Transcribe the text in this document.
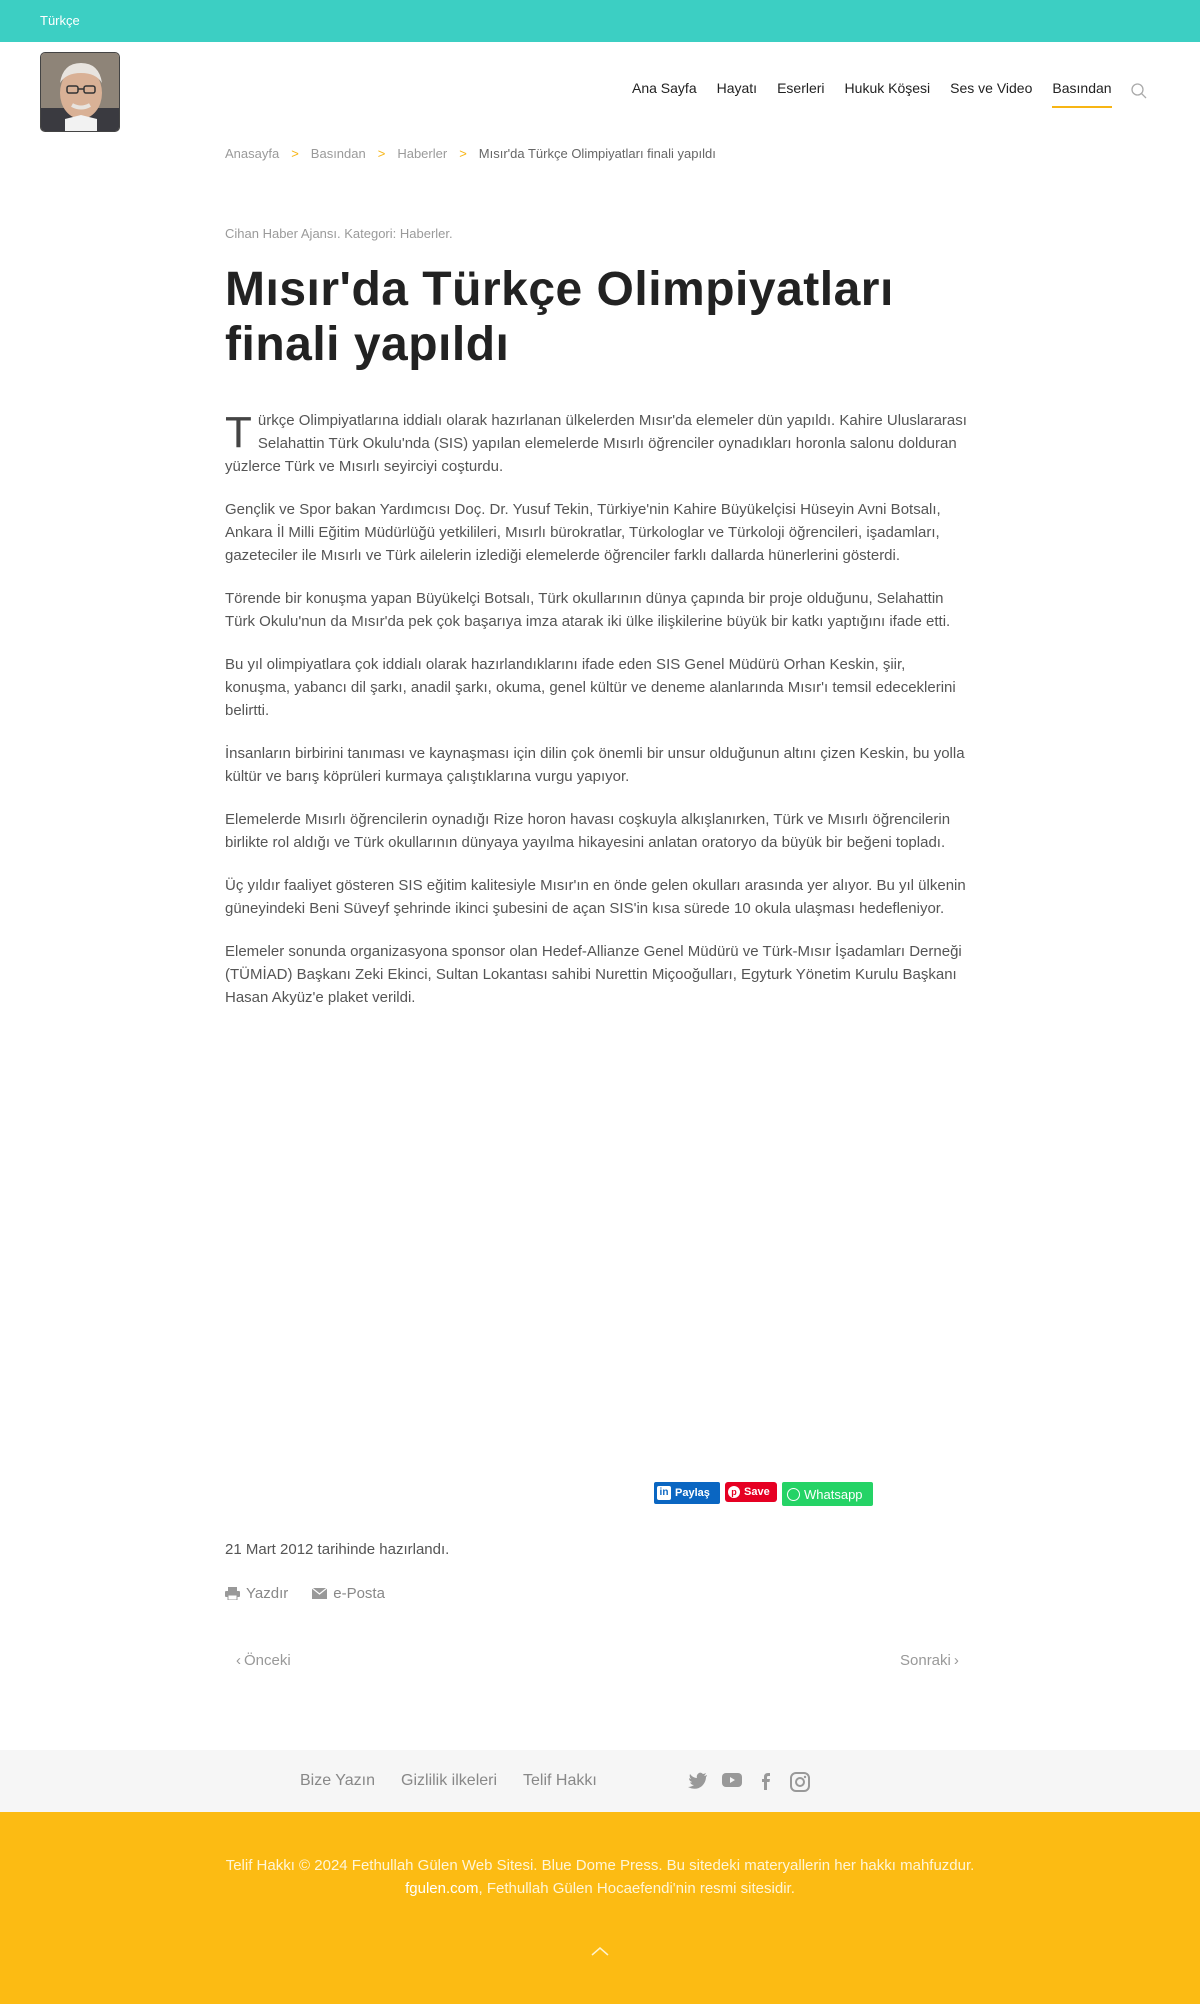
Türkçe
Ana Sayfa Hayatı Eserleri Hukuk Köşesi Ses ve Video Basından
Anasayfa > Basından > Haberler > Mısır'da Türkçe Olimpiyatları finali yapıldı
Cihan Haber Ajansı. Kategori: Haberler.
Mısır'da Türkçe Olimpiyatları finali yapıldı

Türkçe Olimpiyatlarına iddialı olarak hazırlanan ülkelerden Mısır'da elemeler dün yapıldı. Kahire Uluslararası Selahattin Türk Okulu'nda (SIS) yapılan elemelerde Mısırlı öğrenciler oynadıkları horonla salonu dolduran yüzlerce Türk ve Mısırlı seyirciyi coşturdu.

Gençlik ve Spor bakan Yardımcısı Doç. Dr. Yusuf Tekin, Türkiye'nin Kahire Büyükelçisi Hüseyin Avni Botsalı, Ankara İl Milli Eğitim Müdürlüğü yetkilileri, Mısırlı bürokratlar, Türkologlar ve Türkoloji öğrencileri, işadamları, gazeteciler ile Mısırlı ve Türk ailelerin izlediği elemelerde öğrenciler farklı dallarda hünerlerini gösterdi.

Törende bir konuşma yapan Büyükelçi Botsalı, Türk okullarının dünya çapında bir proje olduğunu, Selahattin Türk Okulu'nun da Mısır'da pek çok başarıya imza atarak iki ülke ilişkilerine büyük bir katkı yaptığını ifade etti.

Bu yıl olimpiyatlara çok iddialı olarak hazırlandıklarını ifade eden SIS Genel Müdürü Orhan Keskin, şiir, konuşma, yabancı dil şarkı, anadil şarkı, okuma, genel kültür ve deneme alanlarında Mısır'ı temsil edeceklerini belirtti.

İnsanların birbirini tanıması ve kaynaşması için dilin çok önemli bir unsur olduğunun altını çizen Keskin, bu yolla kültür ve barış köprüleri kurmaya çalıştıklarına vurgu yapıyor.

Elemelerde Mısırlı öğrencilerin oynadığı Rize horon havası coşkuyla alkışlanırken, Türk ve Mısırlı öğrencilerin birlikte rol aldığı ve Türk okullarının dünyaya yayılma hikayesini anlatan oratoryo da büyük bir beğeni topladı.

Üç yıldır faaliyet gösteren SIS eğitim kalitesiyle Mısır'ın en önde gelen okulları arasında yer alıyor. Bu yıl ülkenin güneyindeki Beni Süveyf şehrinde ikinci şubesini de açan SIS'in kısa sürede 10 okula ulaşması hedefleniyor.

Elemeler sonunda organizasyona sponsor olan Hedef-Allianze Genel Müdürü ve Türk-Mısır İşadamları Derneği (TÜMİAD) Başkanı Zeki Ekinci, Sultan Lokantası sahibi Nurettin Miçooğulları, Egyturk Yönetim Kurulu Başkanı Hasan Akyüz'e plaket verildi.

in Paylaş	p Save	Whatsapp
21 Mart 2012 tarihinde hazırlandı.
Yazdır	e-Posta
‹ Önceki	Sonraki ›
Bize Yazın Gizlilik ilkeleri Telif Hakkı
Telif Hakkı © 2024 Fethullah Gülen Web Sitesi. Blue Dome Press. Bu sitedeki materyallerin her hakkı mahfuzdur.
fgulen.com, Fethullah Gülen Hocaefendi'nin resmi sitesidir.
